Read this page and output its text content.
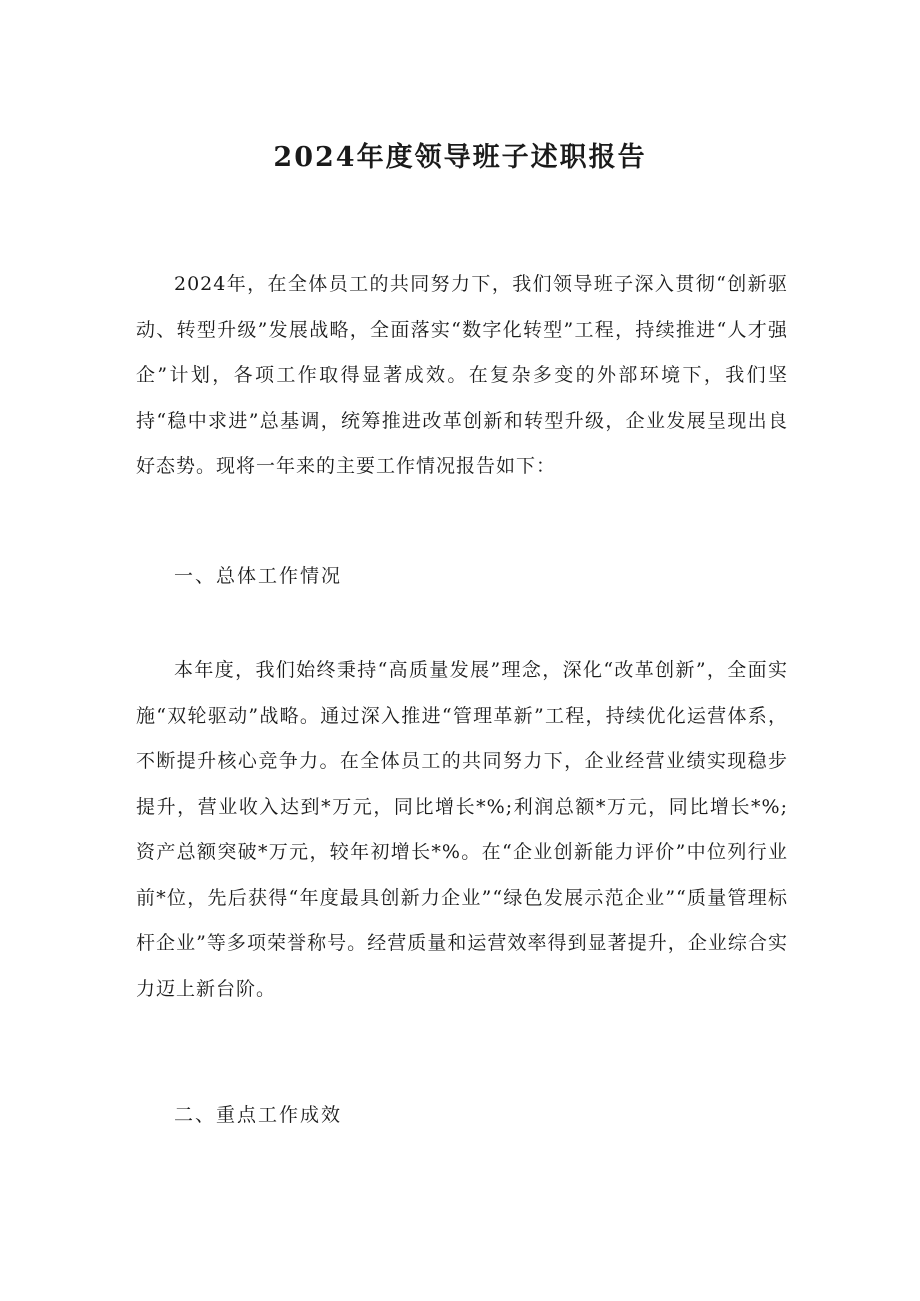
2024年度领导班子述职报告

2024年，在全体员工的共同努力下，我们领导班子深入贯彻“创新驱动、转型升级”发展战略，全面落实“数字化转型”工程，持续推进“人才强企”计划，各项工作取得显著成效。在复杂多变的外部环境下，我们坚持“稳中求进”总基调，统筹推进改革创新和转型升级，企业发展呈现出良好态势。现将一年来的主要工作情况报告如下：

一、总体工作情况

本年度，我们始终秉持“高质量发展”理念，深化“改革创新”，全面实施“双轮驱动”战略。通过深入推进“管理革新”工程，持续优化运营体系，不断提升核心竞争力。在全体员工的共同努力下，企业经营业绩实现稳步提升，营业收入达到*万元，同比增长*%;利润总额*万元，同比增长*%;资产总额突破*万元，较年初增长*%。在“企业创新能力评价”中位列行业前*位，先后获得“年度最具创新力企业”“绿色发展示范企业”“质量管理标杆企业”等多项荣誉称号。经营质量和运营效率得到显著提升，企业综合实力迈上新台阶。

二、重点工作成效
